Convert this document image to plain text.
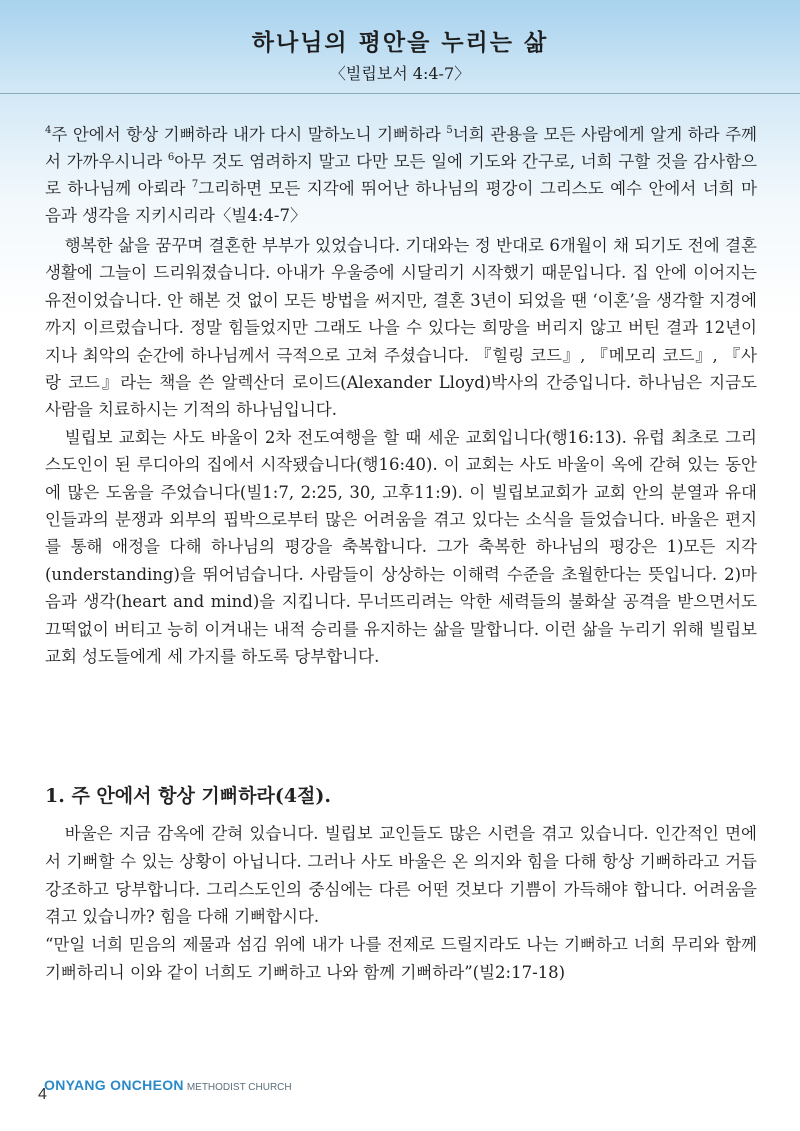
하나님의 평안을 누리는 삶
〈빌립보서 4:4-7〉
$^4$주 안에서 항상 기뻐하라 내가 다시 말하노니 기뻐하라 $^5$너희 관용을 모든 사람에게 알게 하라 주께서 가까우시니라 $^6$아무 것도 염려하지 말고 다만 모든 일에 기도와 간구로, 너희 구할 것을 감사함으로 하나님께 아뢰라 $^7$그리하면 모든 지각에 뛰어난 하나님의 평강이 그리스도 예수 안에서 너희 마음과 생각을 지키시리라〈빌4:4-7〉

행복한 삶을 꿈꾸며 결혼한 부부가 있었습니다. 기대와는 정 반대로 6개월이 채 되기도 전에 결혼생활에 그늘이 드리워졌습니다. 아내가 우울증에 시달리기 시작했기 때문입니다. 집 안에 이어지는 유전이었습니다. 안 해본 것 없이 모든 방법을 써지만, 결혼 3년이 되었을 땐 ‘이혼’을 생각할 지경에까지 이르렀습니다. 정말 힘들었지만 그래도 나을 수 있다는 희망을 버리지 않고 버틴 결과 12년이 지나 최악의 순간에 하나님께서 극적으로 고쳐 주셨습니다. 『힐링 코드』, 『메모리 코드』, 『사랑 코드』라는 책을 쓴 알렉산더 로이드(Alexander Lloyd)박사의 간증입니다. 하나님은 지금도 사람을 치료하시는 기적의 하나님입니다.

빌립보 교회는 사도 바울이 2차 전도여행을 할 때 세운 교회입니다(행16:13). 유럽 최초로 그리스도인이 된 루디아의 집에서 시작됐습니다(행16:40). 이 교회는 사도 바울이 옥에 갇혀 있는 동안에 많은 도움을 주었습니다(빌1:7, 2:25, 30, 고후11:9). 이 빌립보교회가 교회 안의 분열과 유대인들과의 분쟁과 외부의 핍박으로부터 많은 어려움을 겪고 있다는 소식을 들었습니다. 바울은 편지를 통해 애정을 다해 하나님의 평강을 축복합니다. 그가 축복한 하나님의 평강은 1)모든 지각(understanding)을 뛰어넘습니다. 사람들이 상상하는 이해력 수준을 초월한다는 뜻입니다. 2)마음과 생각(heart and mind)을 지킵니다. 무너뜨리려는 악한 세력들의 불화살 공격을 받으면서도 끄떡없이 버티고 능히 이겨내는 내적 승리를 유지하는 삶을 말합니다. 이런 삶을 누리기 위해 빌립보 교회 성도들에게 세 가지를 하도록 당부합니다.

1. 주 안에서 항상 기뻐하라(4절).

바울은 지금 감옥에 갇혀 있습니다. 빌립보 교인들도 많은 시련을 겪고 있습니다. 인간적인 면에서 기뻐할 수 있는 상황이 아닙니다. 그러나 사도 바울은 온 의지와 힘을 다해 항상 기뻐하라고 거듭 강조하고 당부합니다. 그리스도인의 중심에는 다른 어떤 것보다 기쁨이 가득해야 합니다. 어려움을 겪고 있습니까? 힘을 다해 기뻐합시다.

“만일 너희 믿음의 제물과 섬김 위에 내가 나를 전제로 드릴지라도 나는 기뻐하고 너희 무리와 함께 기뻐하리니 이와 같이 너희도 기뻐하고 나와 함께 기뻐하라”(빌2:17-18)

ONYANG ONCHEON METHODIST CHURCH
4
